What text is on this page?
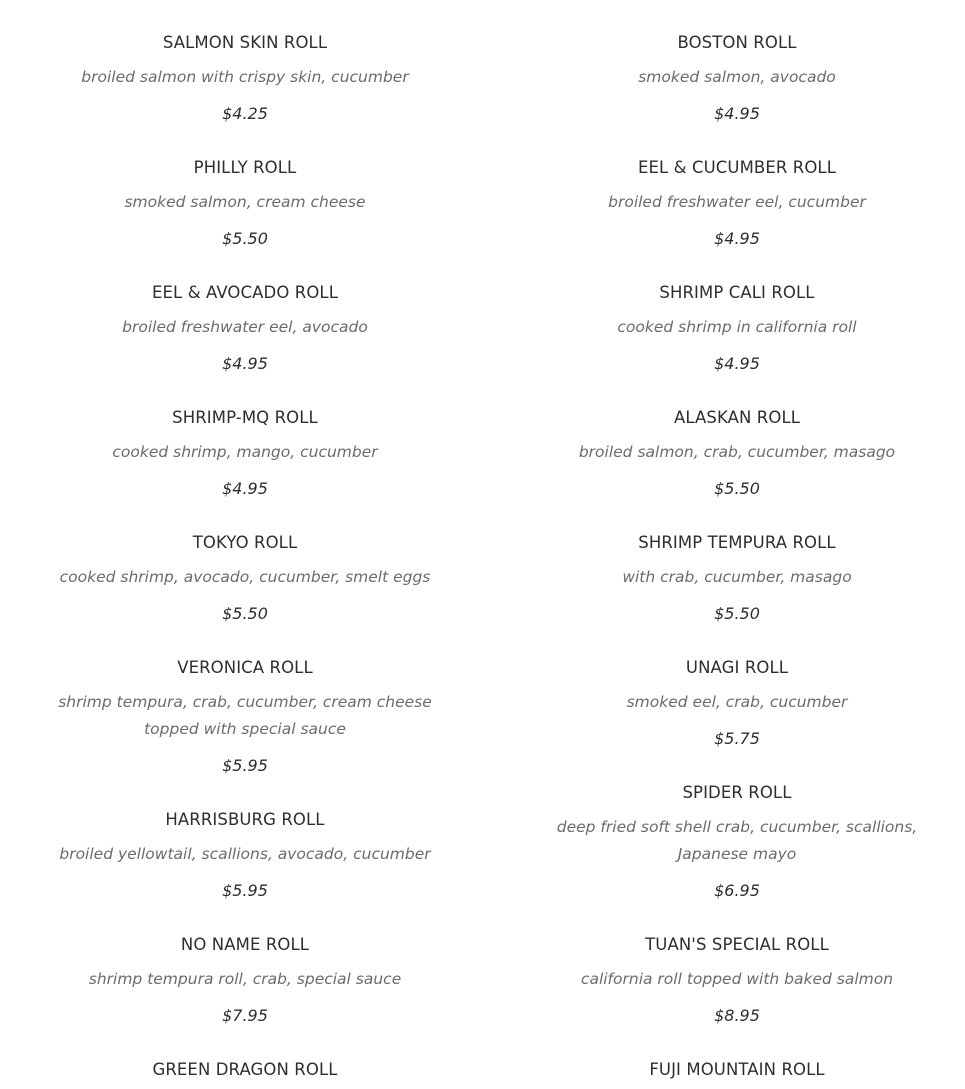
SALMON SKIN ROLL
broiled salmon with crispy skin, cucumber
$4.25
PHILLY ROLL
smoked salmon, cream cheese
$5.50
EEL & AVOCADO ROLL
broiled freshwater eel, avocado
$4.95
SHRIMP-MQ ROLL
cooked shrimp, mango, cucumber
$4.95
TOKYO ROLL
cooked shrimp, avocado, cucumber, smelt eggs
$5.50
VERONICA ROLL
shrimp tempura, crab, cucumber, cream cheese
topped with special sauce
$5.95
HARRISBURG ROLL
broiled yellowtail, scallions, avocado, cucumber
$5.95
NO NAME ROLL
shrimp tempura roll, crab, special sauce
$7.95
GREEN DRAGON ROLL
BOSTON ROLL
smoked salmon, avocado
$4.95
EEL & CUCUMBER ROLL
broiled freshwater eel, cucumber
$4.95
SHRIMP CALI ROLL
cooked shrimp in california roll
$4.95
ALASKAN ROLL
broiled salmon, crab, cucumber, masago
$5.50
SHRIMP TEMPURA ROLL
with crab, cucumber, masago
$5.50
UNAGI ROLL
smoked eel, crab, cucumber
$5.75
SPIDER ROLL
deep fried soft shell crab, cucumber, scallions,
Japanese mayo
$6.95
TUAN'S SPECIAL ROLL
california roll topped with baked salmon
$8.95
FUJI MOUNTAIN ROLL
